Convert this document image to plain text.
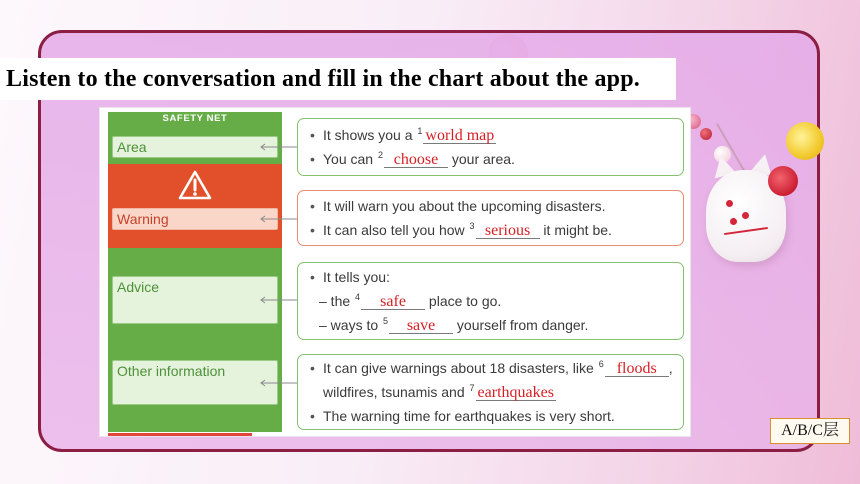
Listen to the conversation and fill in the chart about the app.
SAFETY NET
Area
Warning
Advice
Other information
• It shows you a $^1$ world map
• You can $^2$ choose your area.
• It will warn you about the upcoming disasters.
• It can also tell you how $^3$ serious it might be.
• It tells you:
– the $^4$ safe place to go.
– ways to $^5$ save yourself from danger.
• It can give warnings about 18 disasters, like $^6$ floods ,
wildfires, tsunamis and $^7$ earthquakes
• The warning time for earthquakes is very short.
A/B/C层
